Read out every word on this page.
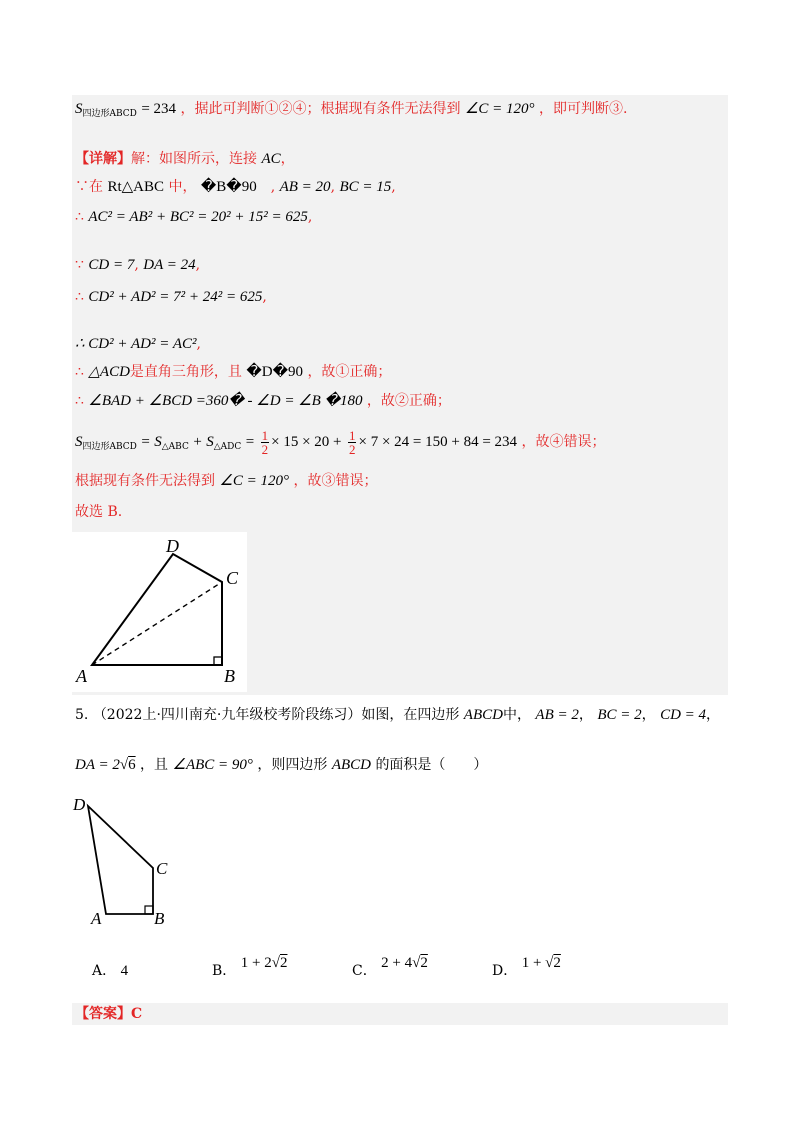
$S_{四边形ABCD} = 234$ ，据此可判断①②④；根据现有条件无法得到 ∠C = 120° ，即可判断③.
【详解】解：如图所示，连接 AC，
∵在 Rt△ABC 中， �B�90　, AB = 20, BC = 15,
∴ AC² = AB² + BC² = 20² + 15² = 625,
∵ CD = 7, DA = 24,
∴ CD² + AD² = 7² + 24² = 625,
∴ CD² + AD² = AC²,
∴ △ACD是直角三角形，且 �D�90 ，故①正确；
∴ ∠BAD + ∠BCD =360� - ∠D = ∠B �180 ，故②正确；
$S_{四边形ABCD} = S_{\triangle ABC} + S_{\triangle ADC} = \frac{1}{2} \times 15 \times 20 + \frac{1}{2} \times 7 \times 24 = 150 + 84 = 234$ ，故④错误；
根据现有条件无法得到 ∠C = 120° ，故③错误；
故选 B.
A	B
C
D
5. （2022上·四川南充·九年级校考阶段练习）如图，在四边形 ABCD中， AB = 2， BC = 2， CD = 4，
DA = 2√6 ，且 ∠ABC = 90° ，则四边形 ABCD 的面积是（　　）
D
C
A	B
A． 4	B． 1 + 2√2	C． 2 + 4√2	D． 1 + √2
【答案】C
